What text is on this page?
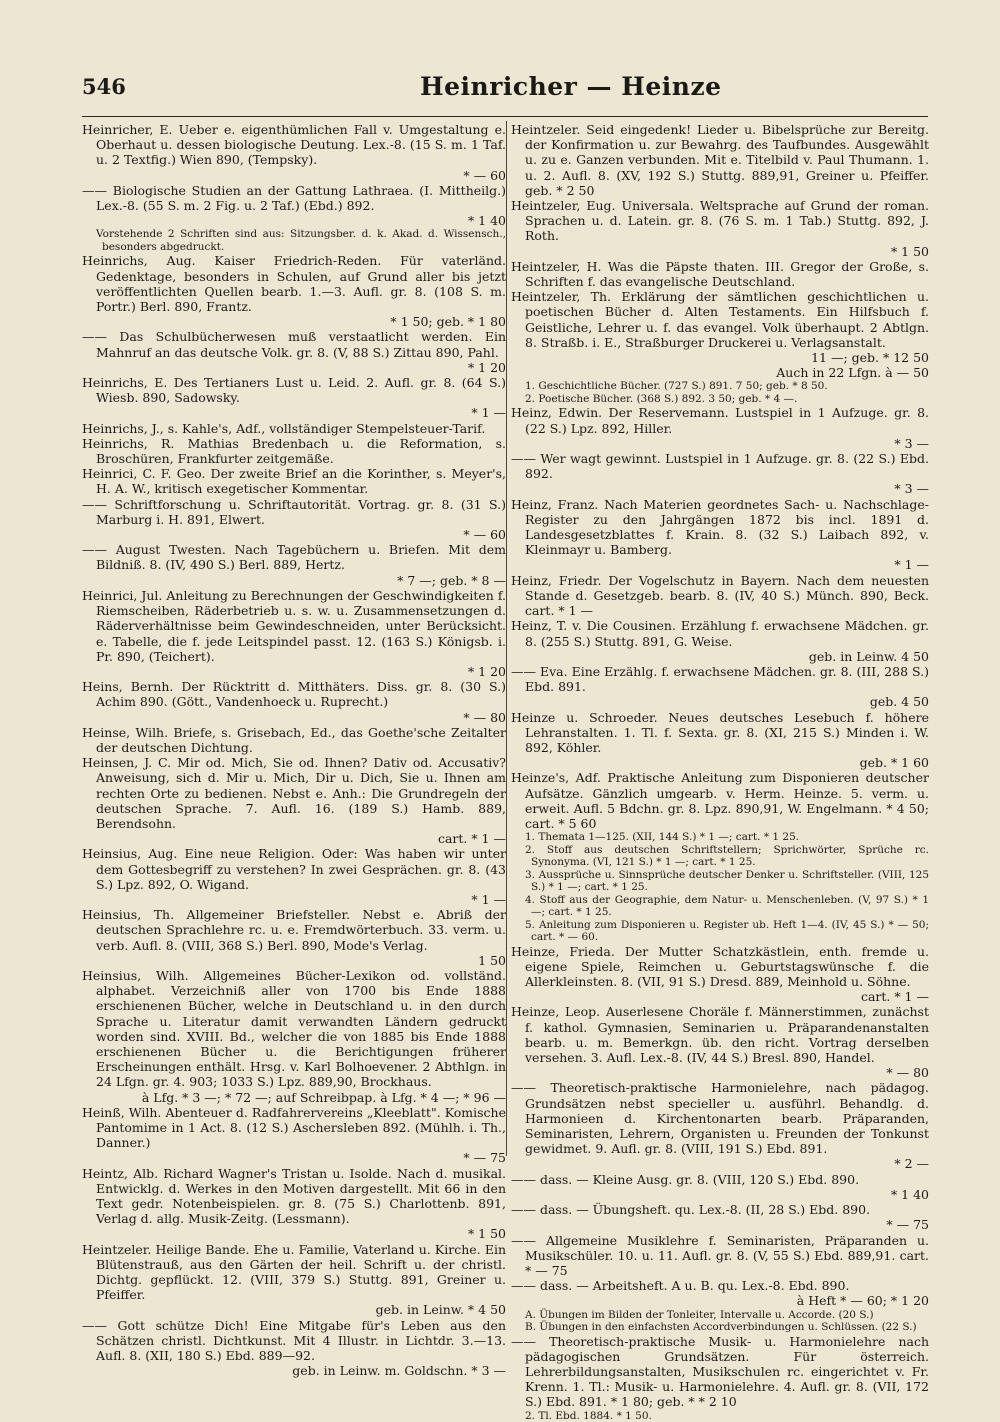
546	Heinricher — Heinze
Heinricher, E. Ueber e. eigenthümlichen Fall v. Umgestaltung e. Oberhaut u. dessen biologische Deutung. Lex.-8. (15 S. m. 1 Taf. u. 2 Textfig.) Wien 890, (Tempsky).
* — 60
—— Biologische Studien an der Gattung Lathraea. (I. Mittheilg.) Lex.-8. (55 S. m. 2 Fig. u. 2 Taf.) (Ebd.) 892.
* 1 40
Vorstehende 2 Schriften sind aus: Sitzungsber. d. k. Akad. d. Wissensch., besonders abgedruckt.
Heinrichs, Aug. Kaiser Friedrich-Reden. Für vaterländ. Gedenktage, besonders in Schulen, auf Grund aller bis jetzt veröffentlichten Quellen bearb. 1.—3. Aufl. gr. 8. (108 S. m. Portr.) Berl. 890, Frantz.
* 1 50; geb. * 1 80
—— Das Schulbücherwesen muß verstaatlicht werden. Ein Mahnruf an das deutsche Volk. gr. 8. (V, 88 S.) Zittau 890, Pahl.
* 1 20
Heinrichs, E. Des Tertianers Lust u. Leid. 2. Aufl. gr. 8. (64 S.) Wiesb. 890, Sadowsky.
* 1 —
Heinrichs, J., s. Kahle's, Adf., vollständiger Stempelsteuer-Tarif.
Heinrichs, R. Mathias Bredenbach u. die Reformation, s. Broschüren, Frankfurter zeitgemäße.
Heinrici, C. F. Geo. Der zweite Brief an die Korinther, s. Meyer's, H. A. W., kritisch exegetischer Kommentar.
—— Schriftforschung u. Schriftautorität. Vortrag. gr. 8. (31 S.) Marburg i. H. 891, Elwert.
* — 60
—— August Twesten. Nach Tagebüchern u. Briefen. Mit dem Bildniß. 8. (IV, 490 S.) Berl. 889, Hertz.
* 7 —; geb. * 8 —
Heinrici, Jul. Anleitung zu Berechnungen der Geschwindigkeiten f. Riemscheiben, Räderbetrieb u. s. w. u. Zusammensetzungen d. Räderverhältnisse beim Gewindeschneiden, unter Berücksicht. e. Tabelle, die f. jede Leitspindel passt. 12. (163 S.) Königsb. i. Pr. 890, (Teichert).
* 1 20
Heins, Bernh. Der Rücktritt d. Mitthäters. Diss. gr. 8. (30 S.) Achim 890. (Gött., Vandenhoeck u. Ruprecht.)
* — 80
Heinse, Wilh. Briefe, s. Grisebach, Ed., das Goethe'sche Zeitalter der deutschen Dichtung.
Heinsen, J. C. Mir od. Mich, Sie od. Ihnen? Dativ od. Accusativ? Anweisung, sich d. Mir u. Mich, Dir u. Dich, Sie u. Ihnen am rechten Orte zu bedienen. Nebst e. Anh.: Die Grundregeln der deutschen Sprache. 7. Aufl. 16. (189 S.) Hamb. 889, Berendsohn.
cart. * 1 —
Heinsius, Aug. Eine neue Religion. Oder: Was haben wir unter dem Gottesbegriff zu verstehen? In zwei Gesprächen. gr. 8. (43 S.) Lpz. 892, O. Wigand.
* 1 —
Heinsius, Th. Allgemeiner Briefsteller. Nebst e. Abriß der deutschen Sprachlehre rc. u. e. Fremdwörterbuch. 33. verm. u. verb. Aufl. 8. (VIII, 368 S.) Berl. 890, Mode's Verlag.
1 50
Heinsius, Wilh. Allgemeines Bücher-Lexikon od. vollständ. alphabet. Verzeichniß aller von 1700 bis Ende 1888 erschienenen Bücher, welche in Deutschland u. in den durch Sprache u. Literatur damit verwandten Ländern gedruckt worden sind. XVIII. Bd., welcher die von 1885 bis Ende 1888 erschienenen Bücher u. die Berichtigungen früherer Erscheinungen enthält. Hrsg. v. Karl Bolhoevener. 2 Abthlgn. in 24 Lfgn. gr. 4. 903; 1033 S.) Lpz. 889,90, Brockhaus.
à Lfg. * 3 —; * 72 —; auf Schreibpap. à Lfg. * 4 —; * 96 —
Heinß, Wilh. Abenteuer d. Radfahrervereins „Kleeblatt". Komische Pantomime in 1 Act. 8. (12 S.) Aschersleben 892. (Mühlh. i. Th., Danner.)
* — 75
Heintz, Alb. Richard Wagner's Tristan u. Isolde. Nach d. musikal. Entwicklg. d. Werkes in den Motiven dargestellt. Mit 66 in den Text gedr. Notenbeispielen. gr. 8. (75 S.) Charlottenb. 891, Verlag d. allg. Musik-Zeitg. (Lessmann).
* 1 50
Heintzeler. Heilige Bande. Ehe u. Familie, Vaterland u. Kirche. Ein Blütenstrauß, aus den Gärten der heil. Schrift u. der christl. Dichtg. gepflückt. 12. (VIII, 379 S.) Stuttg. 891, Greiner u. Pfeiffer.
geb. in Leinw. * 4 50
—— Gott schütze Dich! Eine Mitgabe für's Leben aus den Schätzen christl. Dichtkunst. Mit 4 Illustr. in Lichtdr. 3.—13. Aufl. 8. (XII, 180 S.) Ebd. 889—92.
geb. in Leinw. m. Goldschn. * 3 —
Heintzeler. Seid eingedenk! Lieder u. Bibelsprüche zur Bereitg. der Konfirmation u. zur Bewahrg. des Taufbundes. Ausgewählt u. zu e. Ganzen verbunden. Mit e. Titelbild v. Paul Thumann. 1. u. 2. Aufl. 8. (XV, 192 S.) Stuttg. 889,91, Greiner u. Pfeiffer. geb. * 2 50
Heintzeler, Eug. Universala. Weltsprache auf Grund der roman. Sprachen u. d. Latein. gr. 8. (76 S. m. 1 Tab.) Stuttg. 892, J. Roth.
* 1 50
Heintzeler, H. Was die Päpste thaten. III. Gregor der Große, s. Schriften f. das evangelische Deutschland.
Heintzeler, Th. Erklärung der sämtlichen geschichtlichen u. poetischen Bücher d. Alten Testaments. Ein Hilfsbuch f. Geistliche, Lehrer u. f. das evangel. Volk überhaupt. 2 Abtlgn. 8. Straßb. i. E., Straßburger Druckerei u. Verlagsanstalt.
11 —; geb. * 12 50
Auch in 22 Lfgn. à — 50
1. Geschichtliche Bücher. (727 S.) 891. 7 50; geb. * 8 50.
2. Poetische Bücher. (368 S.) 892. 3 50; geb. * 4 —.
Heinz, Edwin. Der Reservemann. Lustspiel in 1 Aufzuge. gr. 8. (22 S.) Lpz. 892, Hiller.
* 3 —
—— Wer wagt gewinnt. Lustspiel in 1 Aufzuge. gr. 8. (22 S.) Ebd. 892.
* 3 —
Heinz, Franz. Nach Materien geordnetes Sach- u. Nachschlage-Register zu den Jahrgängen 1872 bis incl. 1891 d. Landesgesetzblattes f. Krain. 8. (32 S.) Laibach 892, v. Kleinmayr u. Bamberg.
* 1 —
Heinz, Friedr. Der Vogelschutz in Bayern. Nach dem neuesten Stande d. Gesetzgeb. bearb. 8. (IV, 40 S.) Münch. 890, Beck. cart. * 1 —
Heinz, T. v. Die Cousinen. Erzählung f. erwachsene Mädchen. gr. 8. (255 S.) Stuttg. 891, G. Weise.
geb. in Leinw. 4 50
—— Eva. Eine Erzählg. f. erwachsene Mädchen. gr. 8. (III, 288 S.) Ebd. 891.
geb. 4 50
Heinze u. Schroeder. Neues deutsches Lesebuch f. höhere Lehranstalten. 1. Tl. f. Sexta. gr. 8. (XI, 215 S.) Minden i. W. 892, Köhler.
geb. * 1 60
Heinze's, Adf. Praktische Anleitung zum Disponieren deutscher Aufsätze. Gänzlich umgearb. v. Herm. Heinze. 5. verm. u. erweit. Aufl. 5 Bdchn. gr. 8. Lpz. 890,91, W. Engelmann. * 4 50; cart. * 5 60
1. Themata 1—125. (XII, 144 S.) * 1 —; cart. * 1 25.
2. Stoff aus deutschen Schriftstellern; Sprichwörter, Sprüche rc. Synonyma. (VI, 121 S.) * 1 —; cart. * 1 25.
3. Aussprüche u. Sinnsprüche deutscher Denker u. Schriftsteller. (VIII, 125 S.) * 1 —; cart. * 1 25.
4. Stoff aus der Geographie, dem Natur- u. Menschenleben. (V, 97 S.) * 1 —; cart. * 1 25.
5. Anleitung zum Disponieren u. Register ub. Heft 1—4. (IV, 45 S.) * — 50; cart. * — 60.
Heinze, Frieda. Der Mutter Schatzkästlein, enth. fremde u. eigene Spiele, Reimchen u. Geburtstagswünsche f. die Allerkleinsten. 8. (VII, 91 S.) Dresd. 889, Meinhold u. Söhne.
cart. * 1 —
Heinze, Leop. Auserlesene Choräle f. Männerstimmen, zunächst f. kathol. Gymnasien, Seminarien u. Präparandenanstalten bearb. u. m. Bemerkgn. üb. den richt. Vortrag derselben versehen. 3. Aufl. Lex.-8. (IV, 44 S.) Bresl. 890, Handel.
* — 80
—— Theoretisch-praktische Harmonielehre, nach pädagog. Grundsätzen nebst specieller u. ausführl. Behandlg. d. Harmonieen d. Kirchentonarten bearb. Präparanden, Seminaristen, Lehrern, Organisten u. Freunden der Tonkunst gewidmet. 9. Aufl. gr. 8. (VIII, 191 S.) Ebd. 891.
* 2 —
—— dass. — Kleine Ausg. gr. 8. (VIII, 120 S.) Ebd. 890.
* 1 40
—— dass. — Übungsheft. qu. Lex.-8. (II, 28 S.) Ebd. 890.
* — 75
—— Allgemeine Musiklehre f. Seminaristen, Präparanden u. Musikschüler. 10. u. 11. Aufl. gr. 8. (V, 55 S.) Ebd. 889,91. cart. * — 75
—— dass. — Arbeitsheft. A u. B. qu. Lex.-8. Ebd. 890.
à Heft * — 60; * 1 20
A. Übungen im Bilden der Tonleiter, Intervalle u. Accorde. (20 S.)
B. Übungen in den einfachsten Accordverbindungen u. Schlüssen. (22 S.)
—— Theoretisch-praktische Musik- u. Harmonielehre nach pädagogischen Grundsätzen. Für österreich. Lehrerbildungsanstalten, Musikschulen rc. eingerichtet v. Fr. Krenn. 1. Tl.: Musik- u. Harmonielehre. 4. Aufl. gr. 8. (VII, 172 S.) Ebd. 891. * 1 80; geb. * * 2 10
2. Tl. Ebd. 1884. * 1 50.
